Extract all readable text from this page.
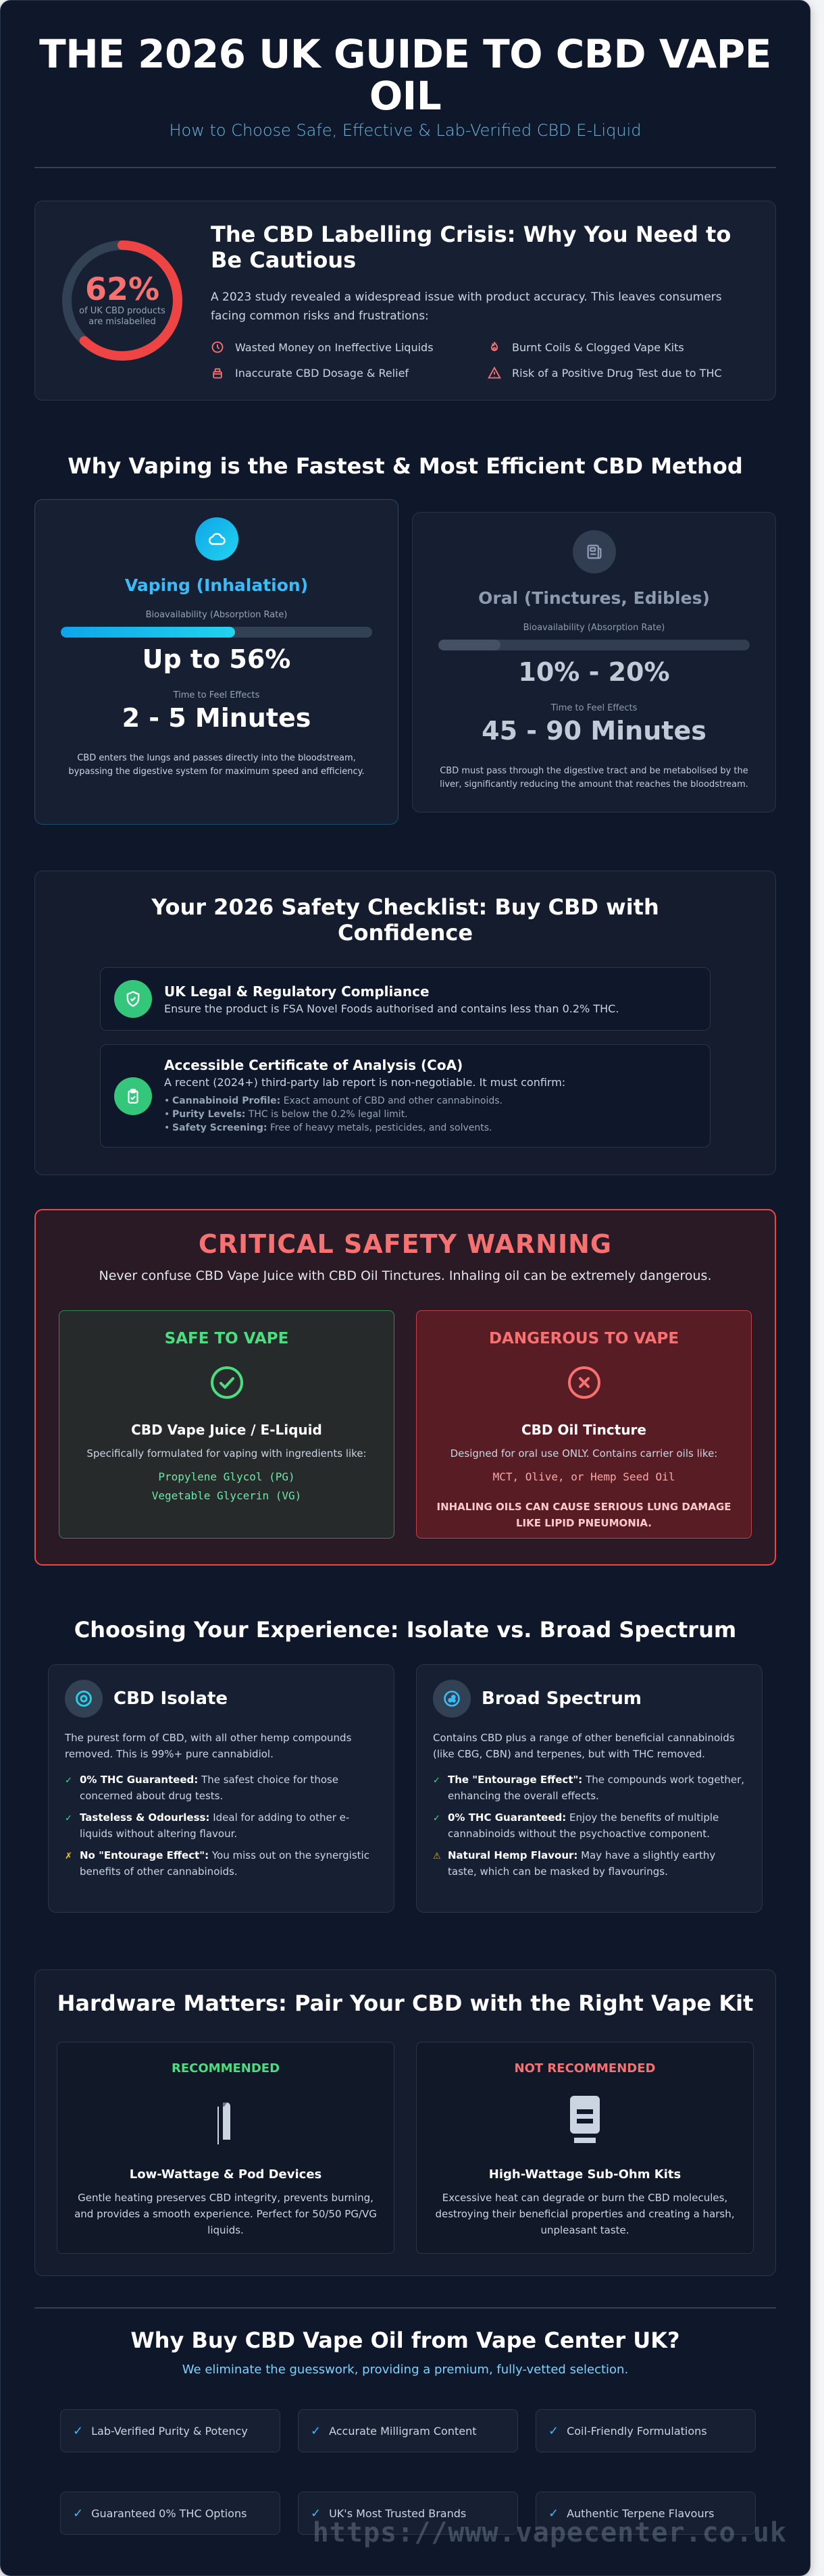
THE 2026 UK GUIDE TO CBD VAPE OIL
How to Choose Safe, Effective & Lab-Verified CBD E-Liquid
62%
of UK CBD products
are mislabelled
The CBD Labelling Crisis: Why You Need to Be Cautious

A 2023 study revealed a widespread issue with product accuracy. This leaves consumers facing common risks and frustrations:

Wasted Money on Ineffective Liquids	Burnt Coils & Clogged Vape Kits
Inaccurate CBD Dosage & Relief	Risk of a Positive Drug Test due to THC
Why Vaping is the Fastest & Most Efficient CBD Method
Vaping (Inhalation)
Bioavailability (Absorption Rate)
Up to 56%
Time to Feel Effects
2 - 5 Minutes
CBD enters the lungs and passes directly into the bloodstream, bypassing the digestive system for maximum speed and efficiency.
Oral (Tinctures, Edibles)
Bioavailability (Absorption Rate)
10% - 20%
Time to Feel Effects
45 - 90 Minutes
CBD must pass through the digestive tract and be metabolised by the liver, significantly reducing the amount that reaches the bloodstream.
Your 2026 Safety Checklist: Buy CBD with Confidence
UK Legal & Regulatory Compliance
Ensure the product is FSA Novel Foods authorised and contains less than 0.2% THC.
Accessible Certificate of Analysis (CoA)
A recent (2024+) third-party lab report is non-negotiable. It must confirm:
• Cannabinoid Profile: Exact amount of CBD and other cannabinoids.
• Purity Levels: THC is below the 0.2% legal limit.
• Safety Screening: Free of heavy metals, pesticides, and solvents.
CRITICAL SAFETY WARNING
Never confuse CBD Vape Juice with CBD Oil Tinctures. Inhaling oil can be extremely dangerous.
SAFE TO VAPE
CBD Vape Juice / E-Liquid
Specifically formulated for vaping with ingredients like:
Propylene Glycol (PG)
Vegetable Glycerin (VG)
DANGEROUS TO VAPE
CBD Oil Tincture
Designed for oral use ONLY. Contains carrier oils like:
MCT, Olive, or Hemp Seed Oil
INHALING OILS CAN CAUSE SERIOUS LUNG DAMAGE LIKE LIPID PNEUMONIA.
Choosing Your Experience: Isolate vs. Broad Spectrum
CBD Isolate
The purest form of CBD, with all other hemp compounds removed. This is 99%+ pure cannabidiol.
✓ 0% THC Guaranteed: The safest choice for those concerned about drug tests.
✓ Tasteless & Odourless: Ideal for adding to other e-liquids without altering flavour.
✗ No "Entourage Effect": You miss out on the synergistic benefits of other cannabinoids.
Broad Spectrum
Contains CBD plus a range of other beneficial cannabinoids (like CBG, CBN) and terpenes, but with THC removed.
✓ The "Entourage Effect": The compounds work together, enhancing the overall effects.
✓ 0% THC Guaranteed: Enjoy the benefits of multiple cannabinoids without the psychoactive component.
⚠ Natural Hemp Flavour: May have a slightly earthy taste, which can be masked by flavourings.
Hardware Matters: Pair Your CBD with the Right Vape Kit
RECOMMENDED
Low-Wattage & Pod Devices
Gentle heating preserves CBD integrity, prevents burning, and provides a smooth experience. Perfect for 50/50 PG/VG liquids.
NOT RECOMMENDED
High-Wattage Sub-Ohm Kits
Excessive heat can degrade or burn the CBD molecules, destroying their beneficial properties and creating a harsh, unpleasant taste.
Why Buy CBD Vape Oil from Vape Center UK?
We eliminate the guesswork, providing a premium, fully-vetted selection.
✓ Lab-Verified Purity & Potency	✓ Accurate Milligram Content	✓ Coil-Friendly Formulations
✓ Guaranteed 0% THC Options	✓ UK's Most Trusted Brands	✓ Authentic Terpene Flavours
https://www.vapecenter.co.uk
